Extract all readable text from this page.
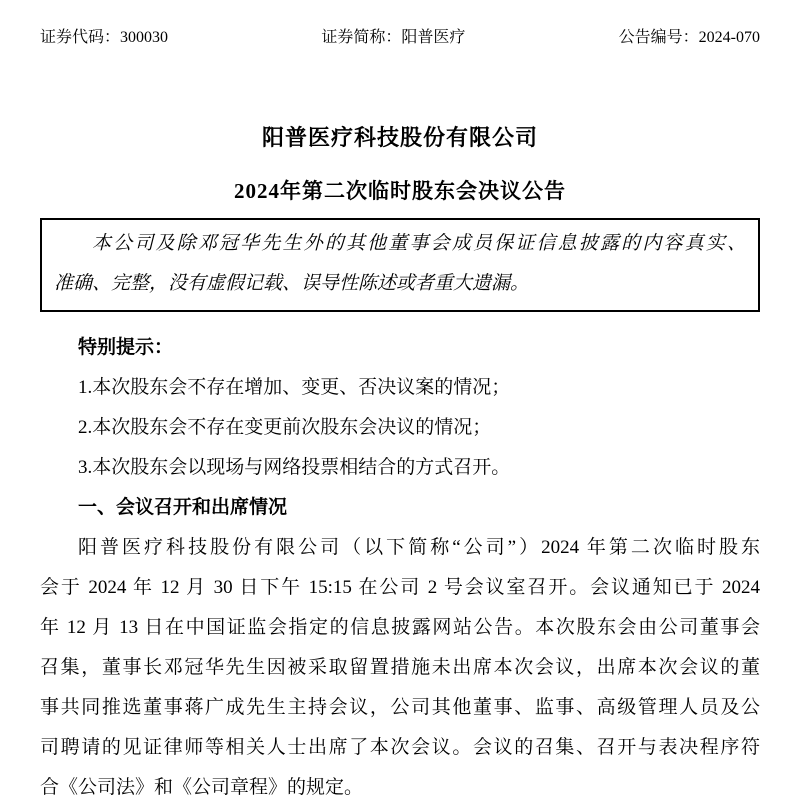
证券代码：300030	证券简称：阳普医疗	公告编号：2024-070
阳普医疗科技股份有限公司
2024年第二次临时股东会决议公告
本公司及除邓冠华先生外的其他董事会成员保证信息披露的内容真实、
准确、完整，没有虚假记载、误导性陈述或者重大遗漏。
特别提示：
1.本次股东会不存在增加、变更、否决议案的情况；
2.本次股东会不存在变更前次股东会决议的情况；
3.本次股东会以现场与网络投票相结合的方式召开。
一、会议召开和出席情况
阳普医疗科技股份有限公司（以下简称“公司”）2024 年第二次临时股东
会于 2024 年 12 月 30 日下午 15:15 在公司 2 号会议室召开。会议通知已于 2024
年 12 月 13 日在中国证监会指定的信息披露网站公告。本次股东会由公司董事会
召集，董事长邓冠华先生因被采取留置措施未出席本次会议，出席本次会议的董
事共同推选董事蒋广成先生主持会议，公司其他董事、监事、高级管理人员及公
司聘请的见证律师等相关人士出席了本次会议。会议的召集、召开与表决程序符
合《公司法》和《公司章程》的规定。
